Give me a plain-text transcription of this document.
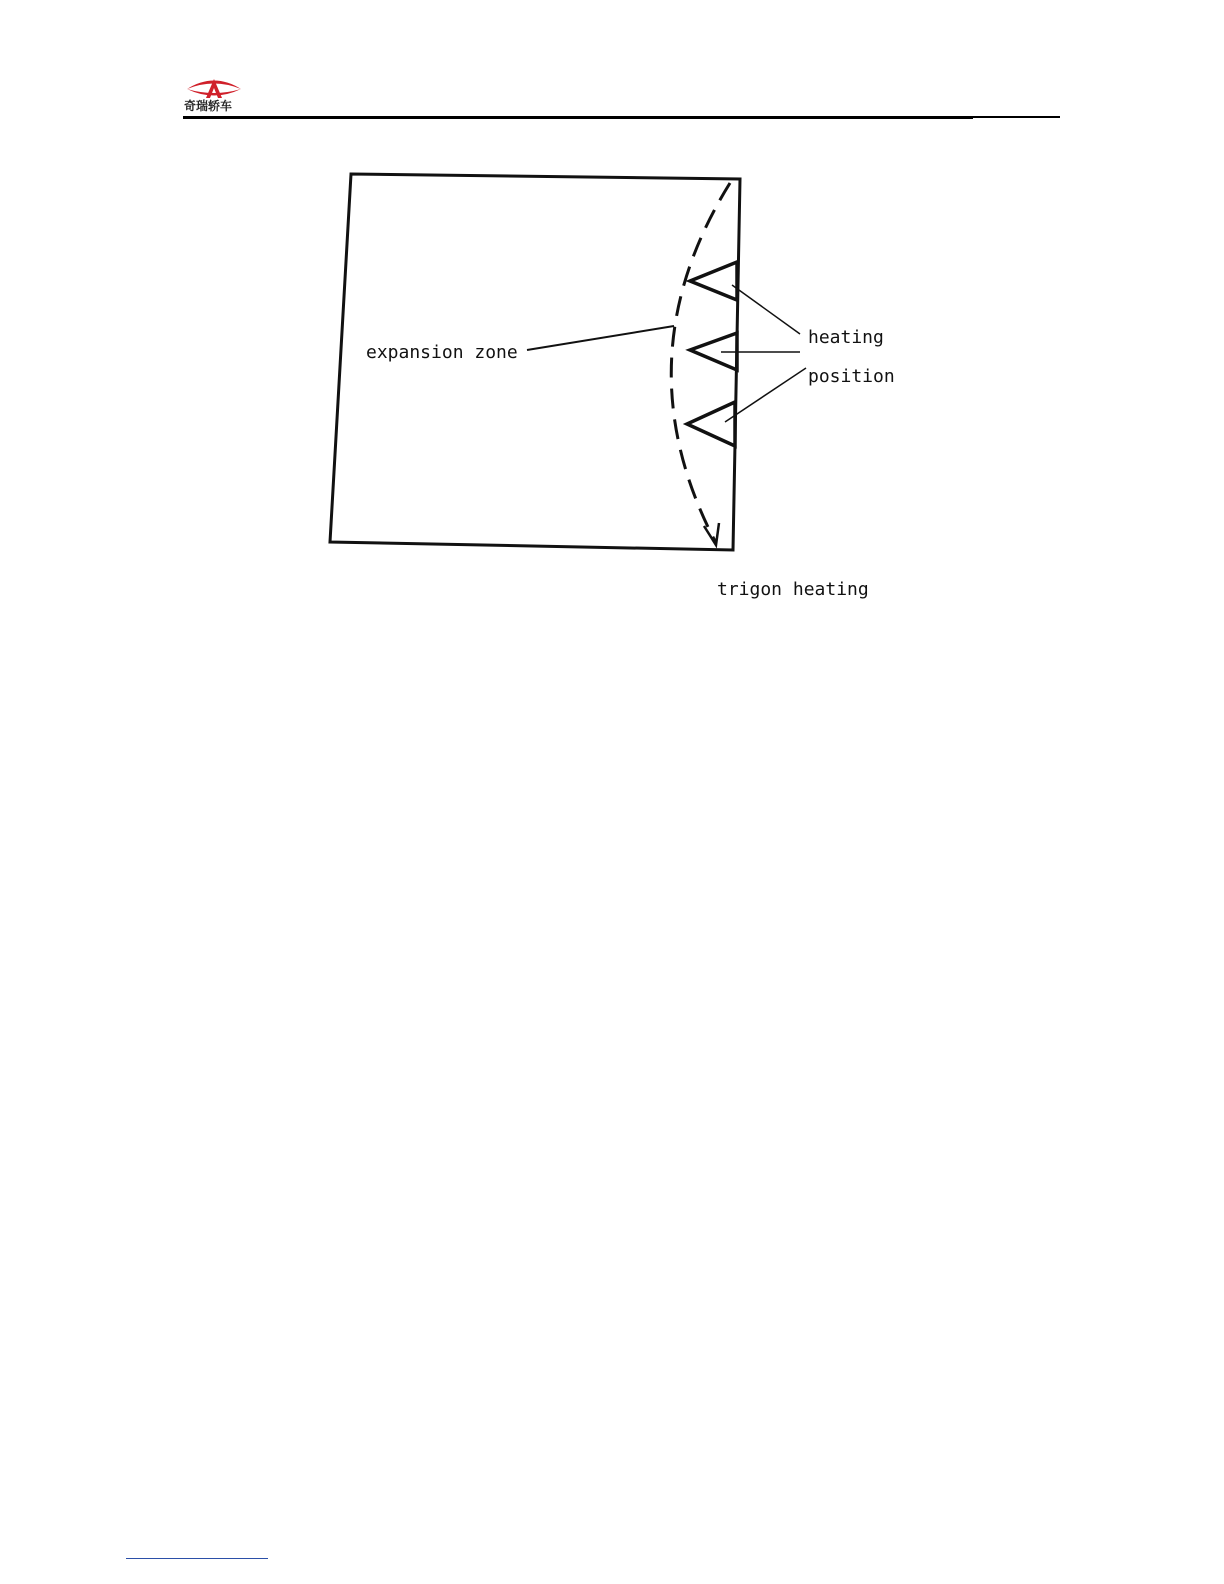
奇瑞轿车
expansion zone
heating
position
trigon heating
